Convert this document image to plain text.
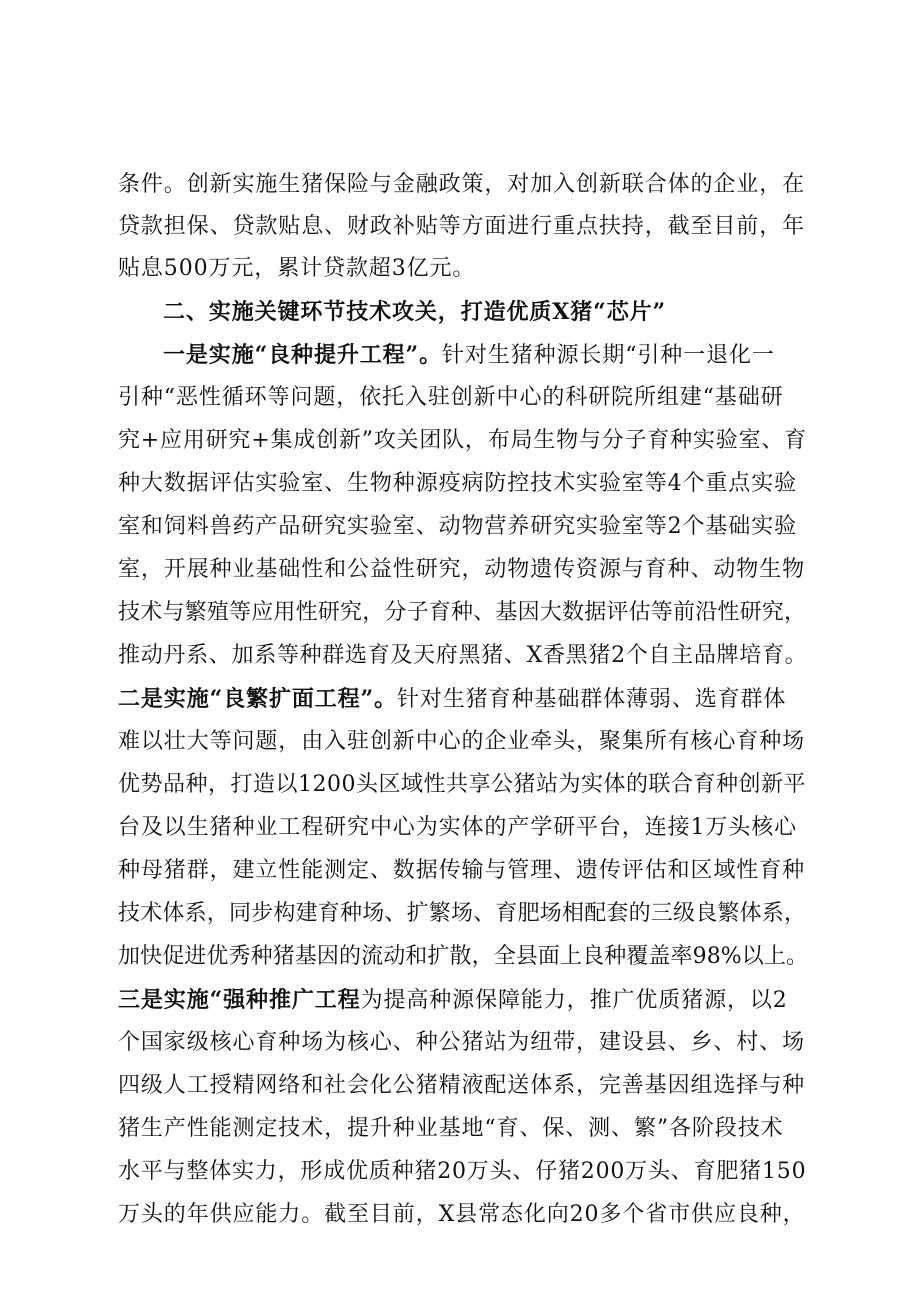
条件。创新实施生猪保险与金融政策，对加入创新联合体的企业，在
贷款担保、贷款贴息、财政补贴等方面进行重点扶持，截至目前，年
贴息500万元，累计贷款超3亿元。
二、实施关键环节技术攻关，打造优质X猪“芯片”
一是实施“良种提升工程”。针对生猪种源长期“引种一退化一
引种“恶性循环等问题，依托入驻创新中心的科研院所组建“基础研
究+应用研究+集成创新”攻关团队，布局生物与分子育种实验室、育
种大数据评估实验室、生物种源疫病防控技术实验室等4个重点实验
室和饲料兽药产品研究实验室、动物营养研究实验室等2个基础实验
室，开展种业基础性和公益性研究，动物遗传资源与育种、动物生物
技术与繁殖等应用性研究，分子育种、基因大数据评估等前沿性研究，
推动丹系、加系等种群选育及天府黑猪、X香黑猪2个自主品牌培育。
二是实施“良繁扩面工程”。针对生猪育种基础群体薄弱、选育群体
难以壮大等问题，由入驻创新中心的企业牵头，聚集所有核心育种场
优势品种，打造以1200头区域性共享公猪站为实体的联合育种创新平
台及以生猪种业工程研究中心为实体的产学研平台，连接1万头核心
种母猪群，建立性能测定、数据传输与管理、遗传评估和区域性育种
技术体系，同步构建育种场、扩繁场、育肥场相配套的三级良繁体系，
加快促进优秀种猪基因的流动和扩散，全县面上良种覆盖率98%以上。
三是实施“强种推广工程为提高种源保障能力，推广优质猪源，以2
个国家级核心育种场为核心、种公猪站为纽带，建设县、乡、村、场
四级人工授精网络和社会化公猪精液配送体系，完善基因组选择与种
猪生产性能测定技术，提升种业基地“育、保、测、繁”各阶段技术
水平与整体实力，形成优质种猪20万头、仔猪200万头、育肥猪150
万头的年供应能力。截至目前，X县常态化向20多个省市供应良种，
